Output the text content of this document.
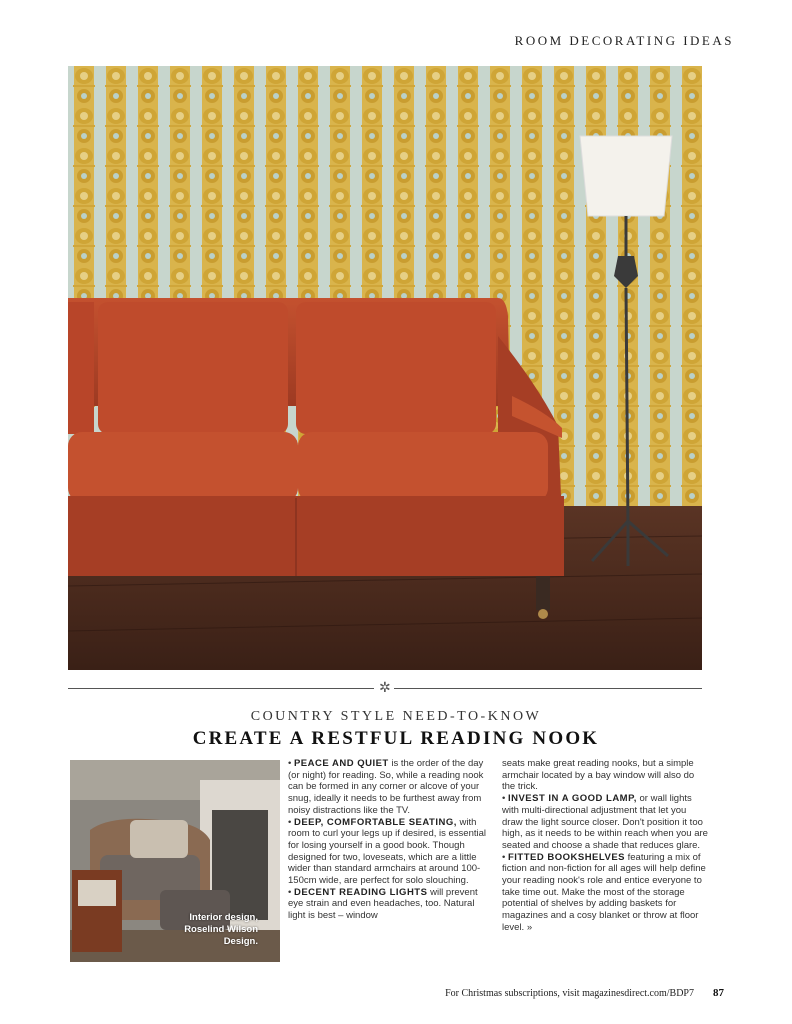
ROOM DECORATING IDEAS
✲
COUNTRY STYLE NEED-TO-KNOW
CREATE A RESTFUL READING NOOK
Interior design, Roselind Wilson Design.

• PEACE AND QUIET is the order of the day (or night) for reading. So, while a reading nook can be formed in any corner or alcove of your snug, ideally it needs to be furthest away from noisy distractions like the TV.

• DEEP, COMFORTABLE SEATING, with room to curl your legs up if desired, is essential for losing yourself in a good book. Though designed for two, loveseats, which are a little wider than standard armchairs at around 100-150cm wide, are perfect for solo slouching.

• DECENT READING LIGHTS will prevent eye strain and even headaches, too. Natural light is best – window

seats make great reading nooks, but a simple armchair located by a bay window will also do the trick.

• INVEST IN A GOOD LAMP, or wall lights with multi-directional adjustment that let you draw the light source closer. Don't position it too high, as it needs to be within reach when you are seated and choose a shade that reduces glare.

• FITTED BOOKSHELVES featuring a mix of fiction and non-fiction for all ages will help define your reading nook's role and entice everyone to take time out. Make the most of the storage potential of shelves by adding baskets for magazines and a cosy blanket or throw at floor level. »

For Christmas subscriptions, visit magazinesdirect.com/BDP7 87
